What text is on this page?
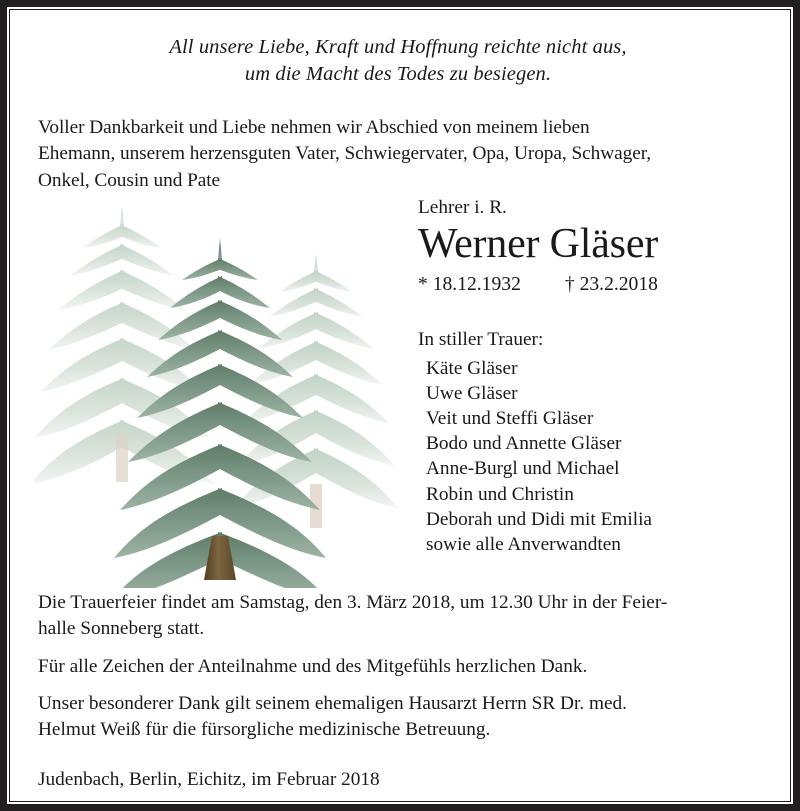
All unsere Liebe, Kraft und Hoffnung reichte nicht aus,
um die Macht des Todes zu besiegen.
Voller Dankbarkeit und Liebe nehmen wir Abschied von meinem lieben
Ehemann, unserem herzensguten Vater, Schwiegervater, Opa, Uropa, Schwager,
Onkel, Cousin und Pate
Lehrer i. R.
Werner Gläser
* 18.12.1932 † 23.2.2018
In stiller Trauer:
Käte Gläser
Uwe Gläser
Veit und Steffi Gläser
Bodo und Annette Gläser
Anne-Burgl und Michael
Robin und Christin
Deborah und Didi mit Emilia
sowie alle Anverwandten

Die Trauerfeier findet am Samstag, den 3. März 2018, um 12.30 Uhr in der Feier-
halle Sonneberg statt.

Für alle Zeichen der Anteilnahme und des Mitgefühls herzlichen Dank.

Unser besonderer Dank gilt seinem ehemaligen Hausarzt Herrn SR Dr. med.
Helmut Weiß für die fürsorgliche medizinische Betreuung.

Judenbach, Berlin, Eichitz, im Februar 2018
